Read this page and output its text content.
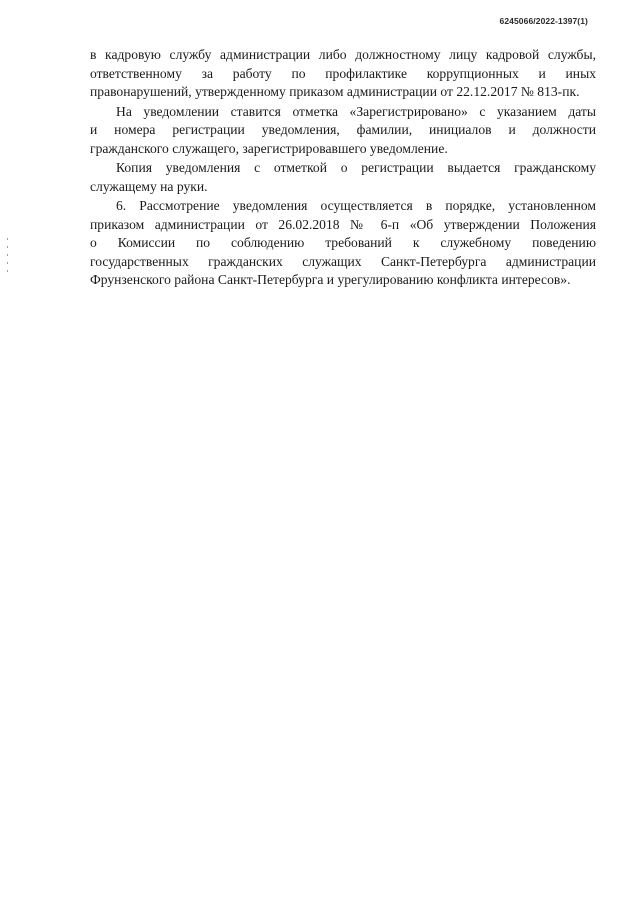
6245066/2022-1397(1)
в кадровую службу администрации либо должностному лицу кадровой службы,
ответственному за работу по профилактике коррупционных и иных
правонарушений, утвержденному приказом администрации от 22.12.2017 № 813-пк.
На уведомлении ставится отметка «Зарегистрировано» с указанием даты
и номера регистрации уведомления, фамилии, инициалов и должности
гражданского служащего, зарегистрировавшего уведомление.
Копия уведомления с отметкой о регистрации выдается гражданскому
служащему на руки.
6. Рассмотрение уведомления осуществляется в порядке, установленном
приказом администрации от 26.02.2018 № 6-п «Об утверждении Положения
о Комиссии по соблюдению требований к служебному поведению
государственных гражданских служащих Санкт-Петербурга администрации
Фрунзенского района Санкт-Петербурга и урегулированию конфликта интересов».
